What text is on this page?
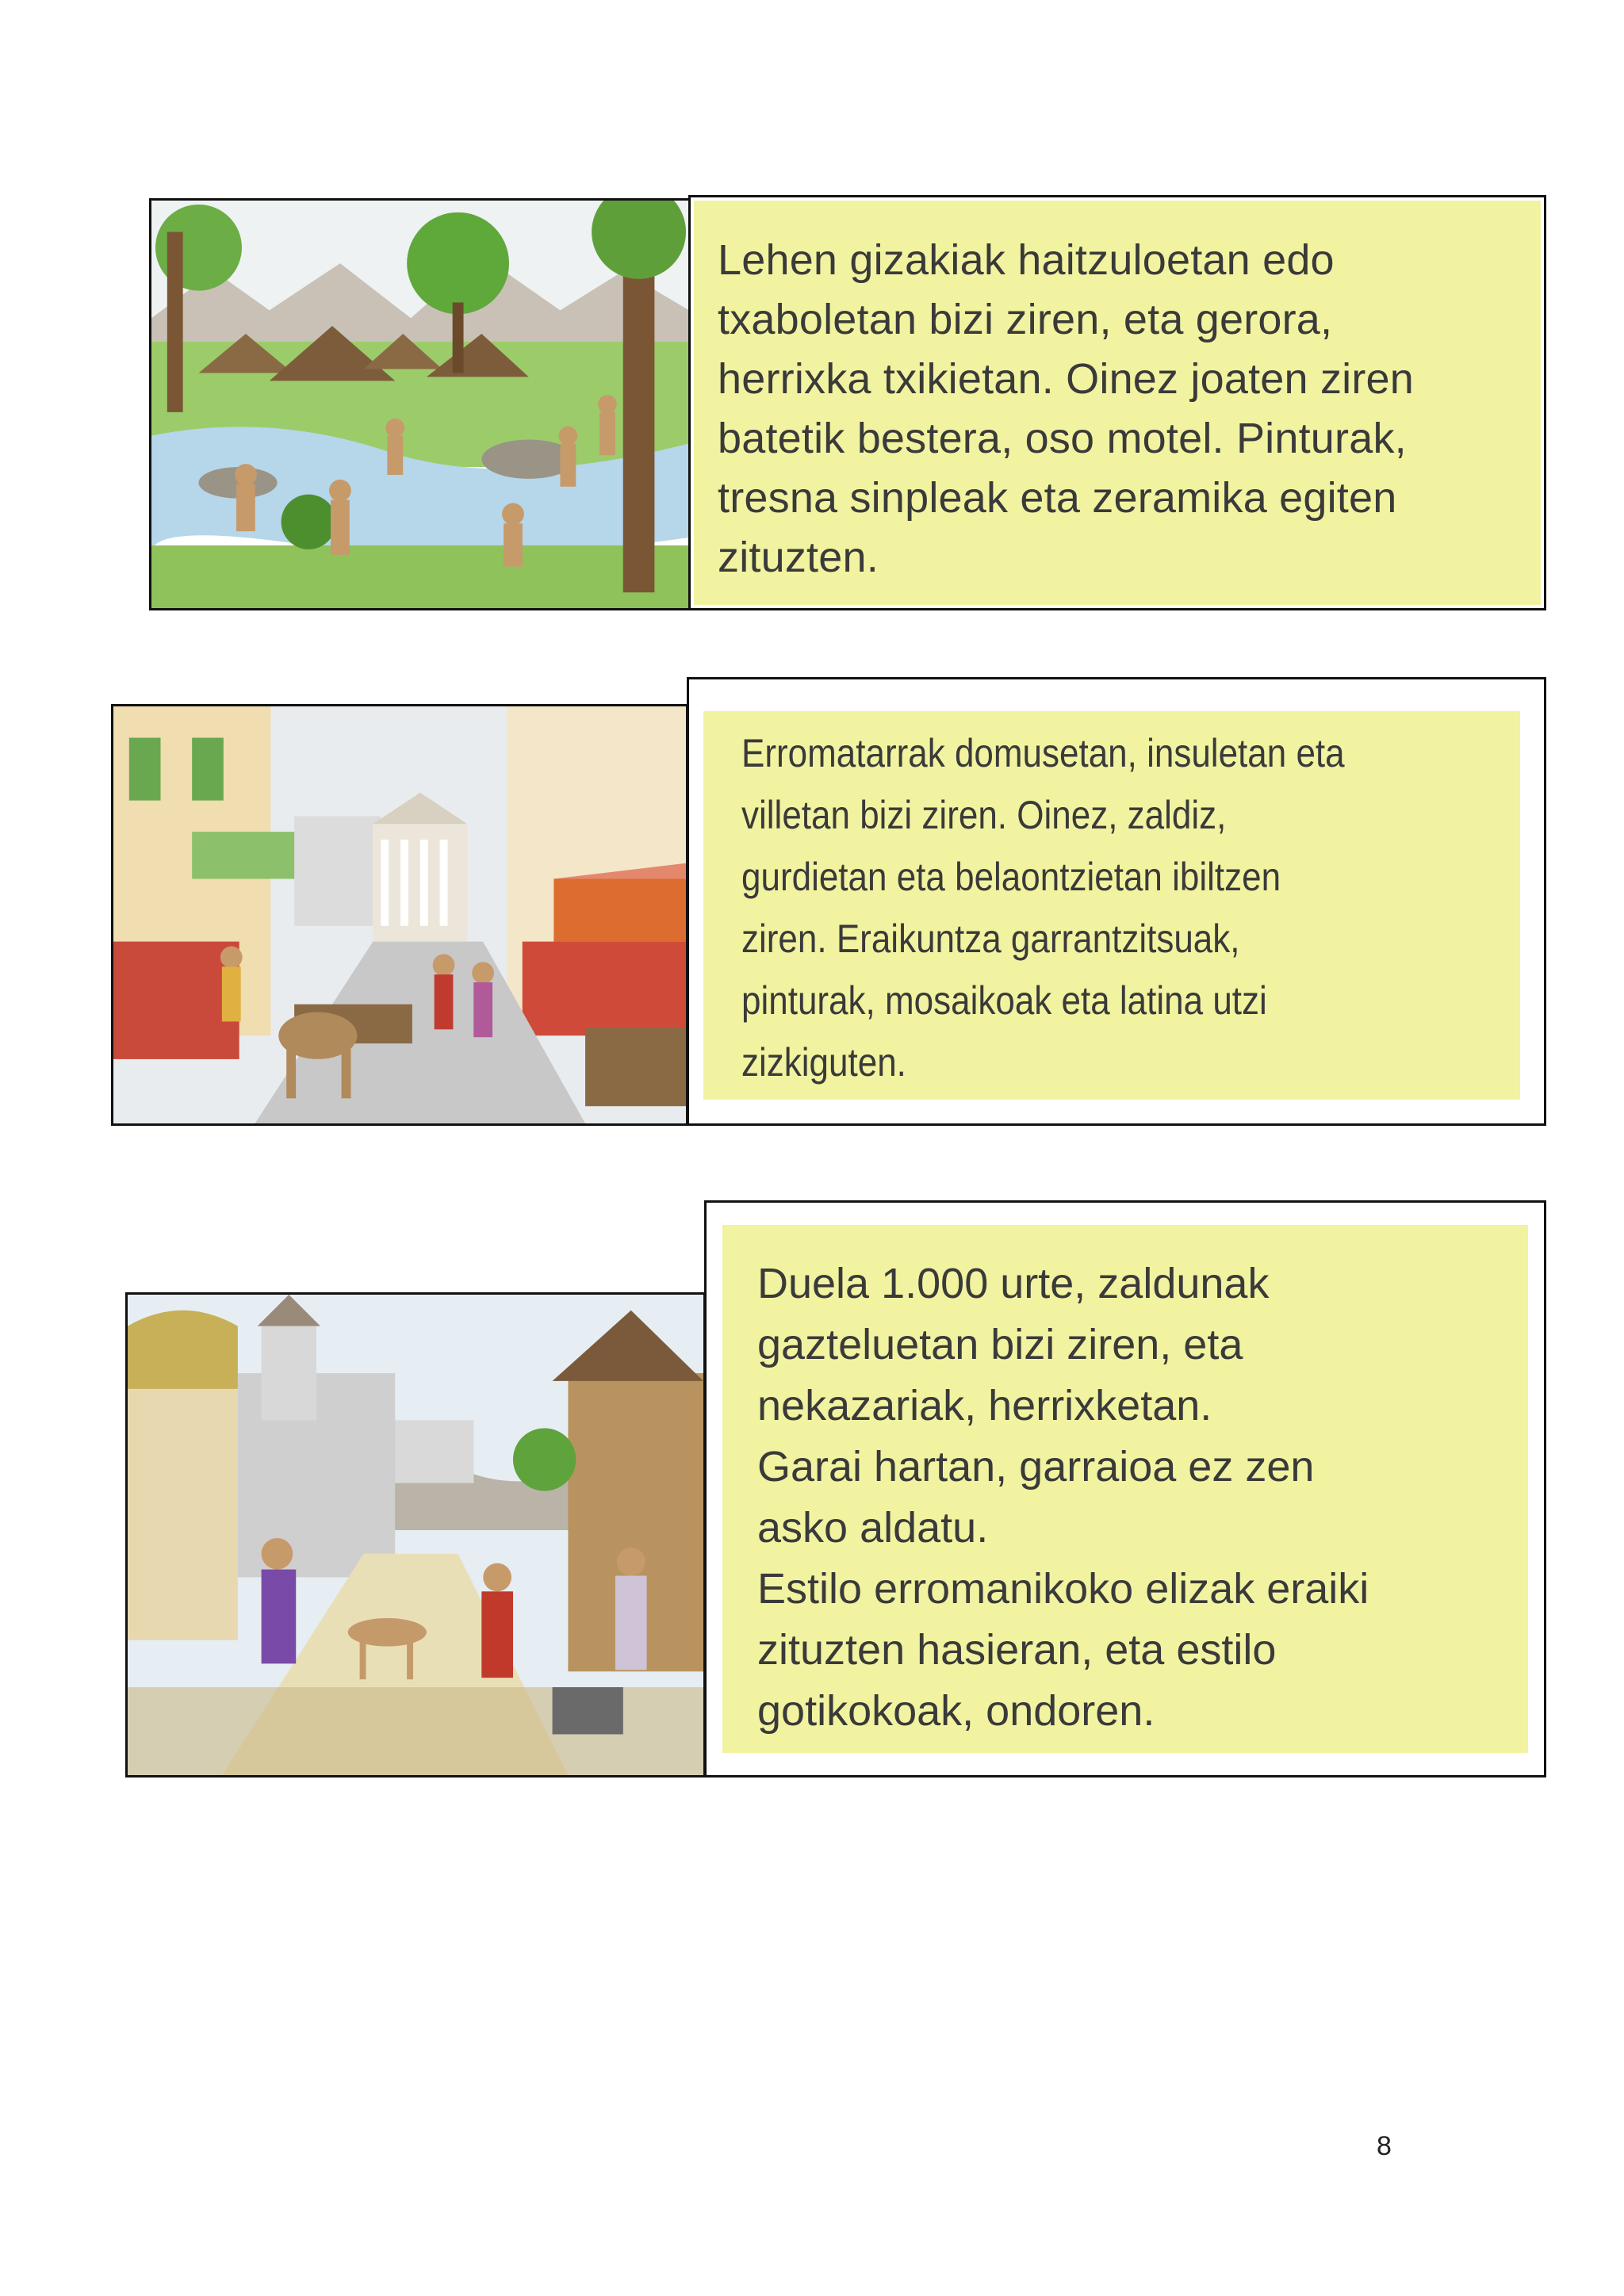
Lehen gizakiak haitzuloetan edo
txaboletan bizi ziren, eta gerora,
herrixka txikietan. Oinez joaten ziren
batetik bestera, oso motel. Pinturak,
tresna sinpleak eta zeramika egiten
zituzten.

Erromatarrak domusetan, insuletan eta
villetan bizi ziren. Oinez, zaldiz,
gurdietan eta belaontzietan ibiltzen
ziren. Eraikuntza garrantzitsuak,
pinturak, mosaikoak eta latina utzi
zizkiguten.

Duela 1.000 urte, zaldunak
gazteluetan bizi ziren, eta
nekazariak, herrixketan.
Garai hartan, garraioa ez zen
asko aldatu.
Estilo erromanikoko elizak eraiki
zituzten hasieran, eta estilo
gotikokoak, ondoren.

8
